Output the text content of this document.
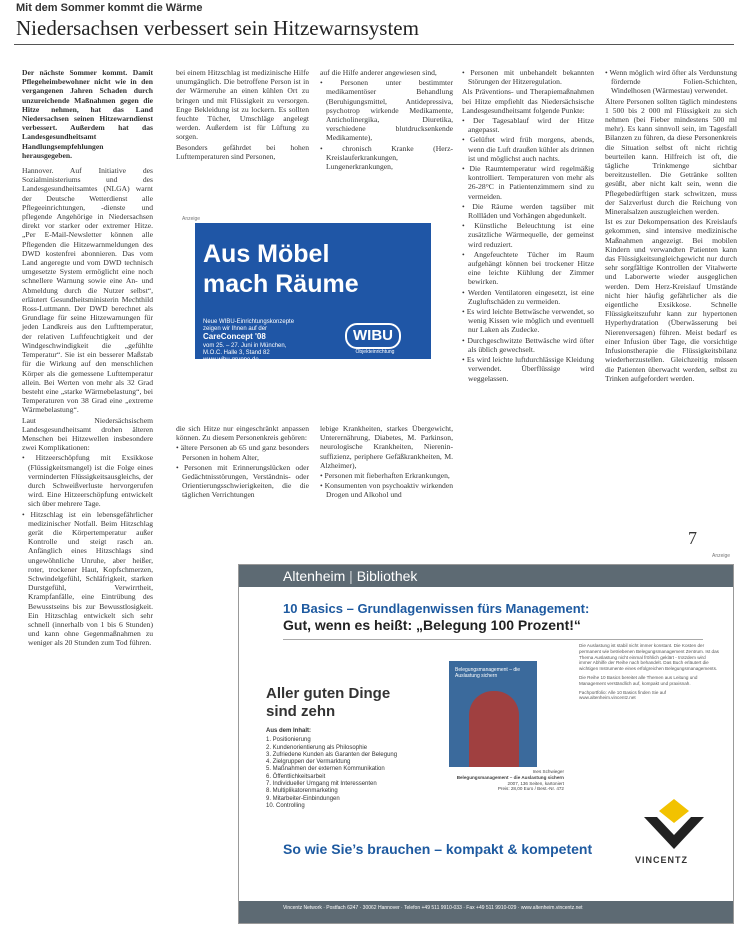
Mit dem Sommer kommt die Wärme
Niedersachsen verbessert sein Hitzewarnsystem

Der nächste Sommer kommt. Damit Pflegeheimbewohner nicht wie in den vergangenen Jahren Schaden durch unzureichende Maßnahmen gegen die Hitze nehmen, hat das Land Niedersachsen seinen Hitzewarndienst verbessert. Außerdem hat das Landesgesundheitsamt Handlungsempfehlungen herausgegeben.

Hannover. Auf Initiative des Sozialministeriums und des Landesgesundheitsamtes (NLGA) warnt der Deutsche Wetterdienst alle Pflegeeinrichtungen, -dienste und pflegende Angehörige in Niedersachsen direkt vor starker oder extremer Hitze. „Per E-Mail-Newsletter können alle Pflegenden die Hitzewarnmeldungen des DWD kostenfrei abonnieren. Das vom Land angeregte und vom DWD technisch umgesetzte System ermöglicht eine noch schnellere Warnung sowie eine An- und Abmeldung durch die Nutzer selbst“, erläutert Gesundheitsministerin Mechthild Ross-Luttmann. Der DWD berechnet als Grundlage für seine Hitzewarnungen für jeden Landkreis aus den Lufttemperatur, der relativen Luftfeuchtigkeit und der Windgeschwindigkeit die „gefühlte Temperatur“. Sie ist ein besserer Maßstab für die Wirkung auf den menschlichen Körper als die gemessene Lufttemperatur allein. Bei Werten von mehr als 32 Grad besteht eine „starke Wärmebelastung“, bei Temperaturen von 38 Grad eine „extreme Wärmebelastung“.

Laut Niedersächsischem Landesgesundheitsamt drohen älteren Menschen bei Hitzewellen insbesondere zwei Komplikationen:

• Hitzeerschöpfung mit Exsikkose (Flüssigkeitsmangel) ist die Folge eines verminderten Flüssigkeitsausgleichs, der durch Schweißverluste hervorgerufen wird. Eine Hitzeerschöpfung entwickelt sich über mehrere Tage.

• Hitzschlag ist ein lebensgefährlicher medizinischer Notfall. Beim Hitzschlag gerät die Körpertemperatur außer Kontrolle und steigt rasch an. Anfänglich eines Hitzschlags sind ungewöhnliche Unruhe, aber heißer, roter, trockener Haut, Kopfschmerzen, Schwindelgefühl, Schläfrigkeit, starken Durstgefühl, Verwirrtheit, Krampfanfälle, eine Eintrübung des Bewusstseins bis zur Bewusstlosigkeit. Ein Hitzschlag entwickelt sich sehr schnell (innerhalb von 1 bis 6 Stunden) und kann ohne Gegenmaßnahmen zu weniger als 20 Stunden zum Tod führen.

bei einem Hitzschlag ist medizinische Hilfe unumgänglich. Die betroffene Person ist in der Wärmeruhe an einen kühlen Ort zu bringen und mit Flüssigkeit zu versorgen. Enge Bekleidung ist zu lockern. Es sollten feuchte Tücher, Umschläge angelegt werden. Außerdem ist für Lüftung zu sorgen.

Besonders gefährdet bei hohen Lufttemperaturen sind Personen,

die sich Hitze nur eingeschränkt anpassen können. Zu diesem Personenkreis gehören:

• ältere Personen ab 65 und ganz besonders Personen in hohem Alter,

• Personen mit Erinnerungslücken oder Gedächtnisstörungen, Verständnis- oder Orientierungsschwierigkeiten, die die täglichen Verrichtungen

auf die Hilfe anderer angewiesen sind,

• Personen unter bestimmter medikamentöser Behandlung (Beruhigungsmittel, Antidepressiva, psychotrop wirkende Medikamente, Anticholinergika, Diuretika, verschiedene blutdrucksenkende Medikamente),

• chronisch Kranke (Herz-Kreislauferkrankungen, Lungenerkrankungen,

lebige Krankheiten, starkes Übergewicht, Unterernährung, Diabetes, M. Parkinson, neurologische Krankheiten, Nierenin-suffizienz, periphere Gefäßkrankheiten, M. Alzheimer),

• Personen mit fieberhaften Erkrankungen,

• Konsumenten von psychoaktiv wirkenden Drogen und Alkohol und

• Personen mit unbehandelt bekannten Störungen der Hitzeregulation.

Als Präventions- und Therapiemaßnahmen bei Hitze empfiehlt das Niedersächsische Landesgesundheitsamt folgende Punkte:

• Der Tagesablauf wird der Hitze angepasst.

• Gelüftet wird früh morgens, abends, wenn die Luft draußen kühler als drinnen ist und möglichst auch nachts.

• Die Raumtemperatur wird regelmäßig kontrolliert. Temperaturen von mehr als 26-28°C in Patientenzimmern sind zu vermeiden.

• Die Räume werden tagsüber mit Rollläden und Vorhängen abgedunkelt.

• Künstliche Beleuchtung ist eine zusätzliche Wärmequelle, der gemeinst wird reduziert.

• Angefeuchtete Tücher im Raum aufgehängt können bei trockener Hitze eine leichte Kühlung der Zimmer bewirken.

• Werden Ventilatoren eingesetzt, ist eine Zugluftschäden zu vermeiden.

• Es wird leichte Bettwäsche verwendet, so wenig Kissen wie möglich und eventuell nur Laken als Zudecke.

• Durchgeschwitzte Bettwäsche wird öfter als üblich gewechselt.

• Es wird leichte luftdurchlässige Kleidung verwendet. Überflüssige wird weggelassen.

• Wenn möglich wird öfter als Verdunstung fördernde Folien-Schichten, Windelhosen (Wärmestau) verwendet.

Ältere Personen sollten täglich mindestens 1 500 bis 2 000 ml Flüssigkeit zu sich nehmen (bei Fieber mindestens 500 ml mehr). Es kann sinnvoll sein, im Tagesfall Bilanzen zu führen, da diese Personenkreis die Situation selbst oft nicht richtig beurteilen kann. Hilfreich ist oft, die tägliche Trinkmenge sichtbar bereitzustellen. Die Getränke sollten gesüßt, aber nicht kalt sein, wenn die Pflegebedürftigen stark schwitzen, muss der Salzverlust durch die Reichung von Mineralsalzen auszugleichen werden.

Ist es zur Dekompensation des Kreislaufs gekommen, sind intensive medizinische Maßnahmen angezeigt. Bei mobilen Kindern und verwandten Patienten kann das Flüssigkeitsungleichgewicht nur durch sehr sorgfältige Kontrollen der Vitalwerte und Laborwerte wieder ausgeglichen werden. Dem Herz-Kreislauf Umstände nicht hier häufig gefährlicher als die eigentliche Exsikkose. Schnelle Flüssigkeitszufuhr kann zur hypertonen Hyperhydratation (Überwässerung bei Nierenversagen) führen. Meist bedarf es einer Infusion über Tage, die vorsichtige Infusionstherapie die Flüssigkeitsbilanz wiederherzustellen. Gleichzeitig müssen die Patienten überwacht werden, selbst zu Trinken aufgefordert werden.

Anzeige
Aus Möbel
mach Räume
Neue WIBU-Einrichtungskonzepte
zeigen wir Ihnen auf der
CareConcept '08
vom 25. – 27. Juni in München,
M.O.C. Halle 3, Stand 82
www.wibu-gruppe.de
WIBU
Objekteinrichtung
7
Anzeige
Altenheim | Bibliothek
10 Basics – Grundlagenwissen fürs Management:
Gut, wenn es heißt: „Belegung 100 Prozent!“
Aller guten Dinge
sind zehn
Aus dem Inhalt:
1. Positionierung
2. Kundenorientierung als Philosophie
3. Zufriedene Kunden als Garanten der Belegung
4. Zielgruppen der Vermarktung
5. Maßnahmen der externen Kommunikation
6. Öffentlichkeitsarbeit
7. Individueller Umgang mit Interessenten
8. Multiplikatorenmarketing
9. Mitarbeiter-Einbindungen
10. Controlling
Belegungsmanagement – die Auslastung sichern
Ines Schwieger
Belegungsmanagement – die Auslastung sichern
2007, 136 Seiten, kartoniert
Preis: 28,00 Euro / Best.-Nr. 472

Die Auslastung ist stabil nicht immer konstant. Die Kosten der permanent wie betriebenen Belegungsmanagement Zentrum. Ist das Thema Auslastung nicht einmal fröhlich geklärt - trotzdem wird immer Abhilfe der Reihe nach behandelt. Das Buch erläutert die wichtigen Instrumente eines erfolgreichen Belegungsmanagements.

Die Reihe 10 Basics bereitet alle Themen aus Leitung und Management verständlich auf, kompakt und praxisnah.

Fachportfolio: Alle 10 Basics finden Sie auf www.altenheim.vincentz.net

VINCENTZ
So wie Sie’s brauchen – kompakt & kompetent
Vincentz Network · Postfach 6247 · 30062 Hannover · Telefon +49 511 9910-033 · Fax +49 511 9910-029 · www.altenheim.vincentz.net
